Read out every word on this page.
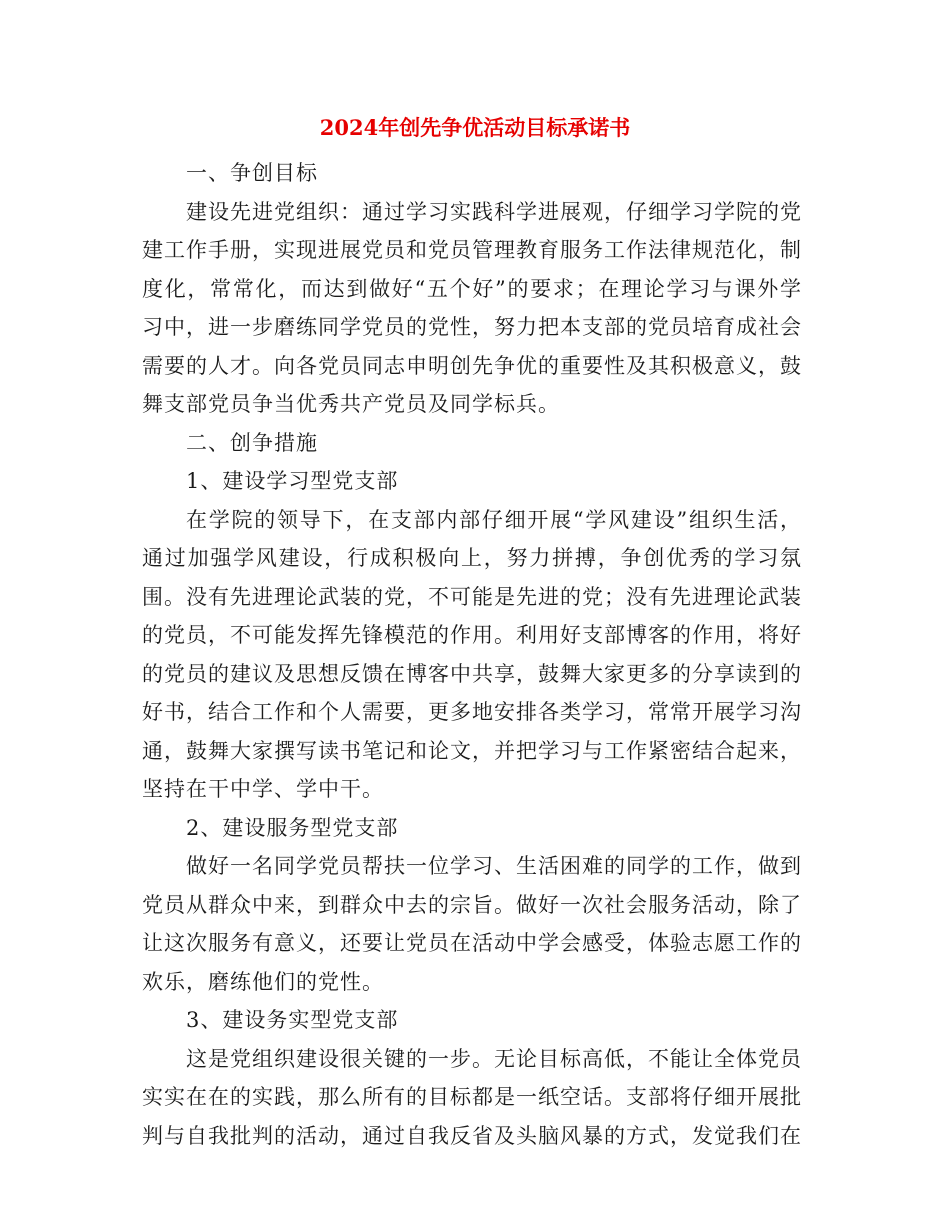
2024年创先争优活动目标承诺书

一、争创目标

建设先进党组织：通过学习实践科学进展观，仔细学习学院的党建工作手册，实现进展党员和党员管理教育服务工作法律规范化，制度化，常常化，而达到做好“五个好”的要求；在理论学习与课外学习中，进一步磨练同学党员的党性，努力把本支部的党员培育成社会需要的人才。向各党员同志申明创先争优的重要性及其积极意义，鼓舞支部党员争当优秀共产党员及同学标兵。

二、创争措施

1、建设学习型党支部

在学院的领导下，在支部内部仔细开展“学风建设”组织生活，通过加强学风建设，行成积极向上，努力拼搏，争创优秀的学习氛围。没有先进理论武装的党，不可能是先进的党；没有先进理论武装的党员，不可能发挥先锋模范的作用。利用好支部博客的作用，将好的党员的建议及思想反馈在博客中共享，鼓舞大家更多的分享读到的好书，结合工作和个人需要，更多地安排各类学习，常常开展学习沟通，鼓舞大家撰写读书笔记和论文，并把学习与工作紧密结合起来，坚持在干中学、学中干。

2、建设服务型党支部

做好一名同学党员帮扶一位学习、生活困难的同学的工作，做到党员从群众中来，到群众中去的宗旨。做好一次社会服务活动，除了让这次服务有意义，还要让党员在活动中学会感受，体验志愿工作的欢乐，磨练他们的党性。

3、建设务实型党支部

这是党组织建设很关键的一步。无论目标高低，不能让全体党员实实在在的实践，那么所有的目标都是一纸空话。支部将仔细开展批判与自我批判的活动，通过自我反省及头脑风暴的方式，发觉我们在
